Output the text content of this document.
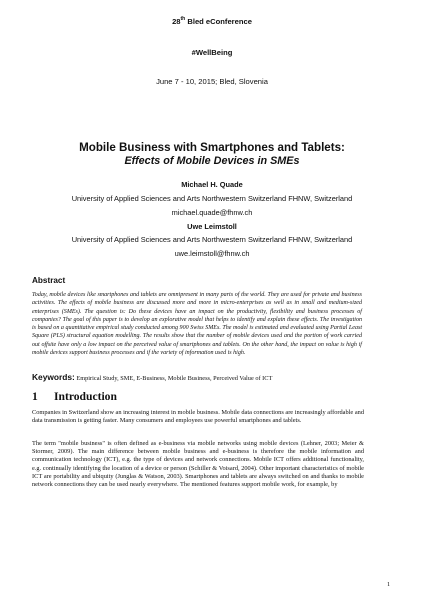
28th Bled eConference
#WellBeing
June 7 - 10, 2015; Bled, Slovenia
Mobile Business with Smartphones and Tablets:
Effects of Mobile Devices in SMEs
Michael H. Quade
University of Applied Sciences and Arts Northwestern Switzerland FHNW, Switzerland
michael.quade@fhnw.ch
Uwe Leimstoll
University of Applied Sciences and Arts Northwestern Switzerland FHNW, Switzerland
uwe.leimstoll@fhnw.ch
Abstract
Today, mobile devices like smartphones and tablets are omnipresent in many parts of the world. They are used for private and business activities. The effects of mobile business are discussed more and more in micro-enterprises as well as in small and medium-sized enterprises (SMEs). The question is: Do these devices have an impact on the productivity, flexibility and business processes of companies? The goal of this paper is to develop an explorative model that helps to identify and explain these effects. The investigation is based on a quantitative empirical study conducted among 900 Swiss SMEs. The model is estimated and evaluated using Partial Least Square (PLS) structural equation modelling. The results show that the number of mobile devices used and the portion of work carried out offsite have only a low impact on the perceived value of smartphones and tablets. On the other hand, the impact on value is high if mobile devices support business processes and if the variety of information used is high.
Keywords: Empirical Study, SME, E-Business, Mobile Business, Perceived Value of ICT
1 Introduction
Companies in Switzerland show an increasing interest in mobile business. Mobile data connections are increasingly affordable and data transmission is getting faster. Many consumers and employees use powerful smartphones and tablets.
The term "mobile business" is often defined as e-business via mobile networks using mobile devices (Lehner, 2003; Meier & Stormer, 2009). The main difference between mobile business and e-business is therefore the mobile information and communication technology (ICT), e.g. the type of devices and network connections. Mobile ICT offers additional functionality, e.g. continually identifying the location of a device or person (Schiller & Voisard, 2004). Other important characteristics of mobile ICT are portability and ubiquity (Junglas & Watson, 2003). Smartphones and tablets are always switched on and thanks to mobile network connections they can be used nearly everywhere. The mentioned features support mobile work, for example, by
1
